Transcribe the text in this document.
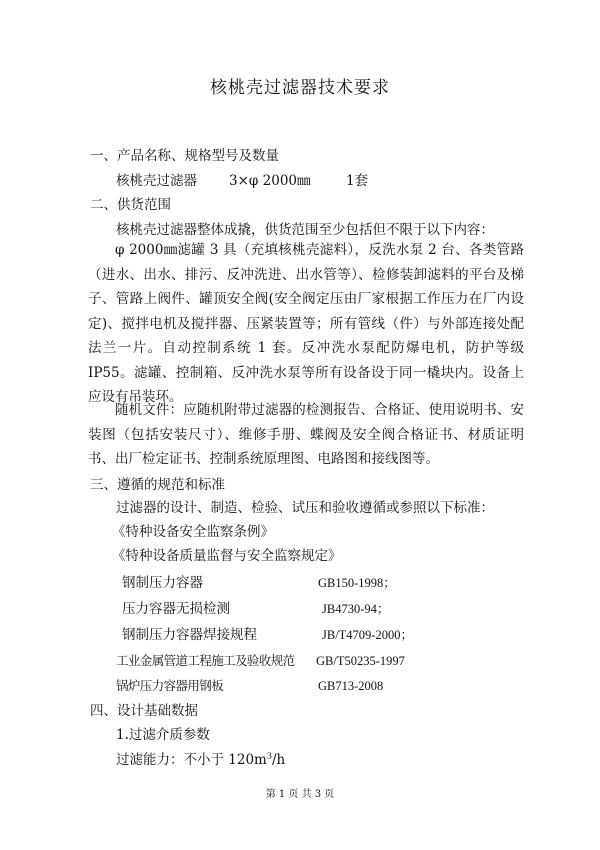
核桃壳过滤器技术要求
一、产品名称、规格型号及数量
核桃壳过滤器 3×φ 2000㎜	1套
二、供货范围
核桃壳过滤器整体成撬，供货范围至少包括但不限于以下内容：
φ 2000㎜滤罐 3 具（充填核桃壳滤料），反洗水泵 2 台、各类管路（进水、出水、排污、反冲洗进、出水管等）、检修装卸滤料的平台及梯子、管路上阀件、罐顶安全阀(安全阀定压由厂家根据工作压力在厂内设定)、搅拌电机及搅拌器、压紧装置等；所有管线（件）与外部连接处配法兰一片。自动控制系统 1 套。反冲洗水泵配防爆电机，防护等级 IP55。滤罐、控制箱、反冲洗水泵等所有设备设于同一橇块内。设备上应设有吊装环。
随机文件：应随机附带过滤器的检测报告、合格证、使用说明书、安装图（包括安装尺寸）、维修手册、蝶阀及安全阀合格证书、材质证明书、出厂检定证书、控制系统原理图、电路图和接线图等。
三、遵循的规范和标准
过滤器的设计、制造、检验、试压和验收遵循或参照以下标准：
《特种设备安全监察条例》
《特种设备质量监督与安全监察规定》
钢制压力容器	GB150-1998；
压力容器无损检测	JB4730-94；
钢制压力容器焊接规程	JB/T4709-2000；
工业金属管道工程施工及验收规范 GB/T50235-1997
锅炉压力容器用钢板	GB713-2008
四、设计基础数据
1.过滤介质参数
过滤能力：不小于 $120m^3/h$
第 1 页 共 3 页
